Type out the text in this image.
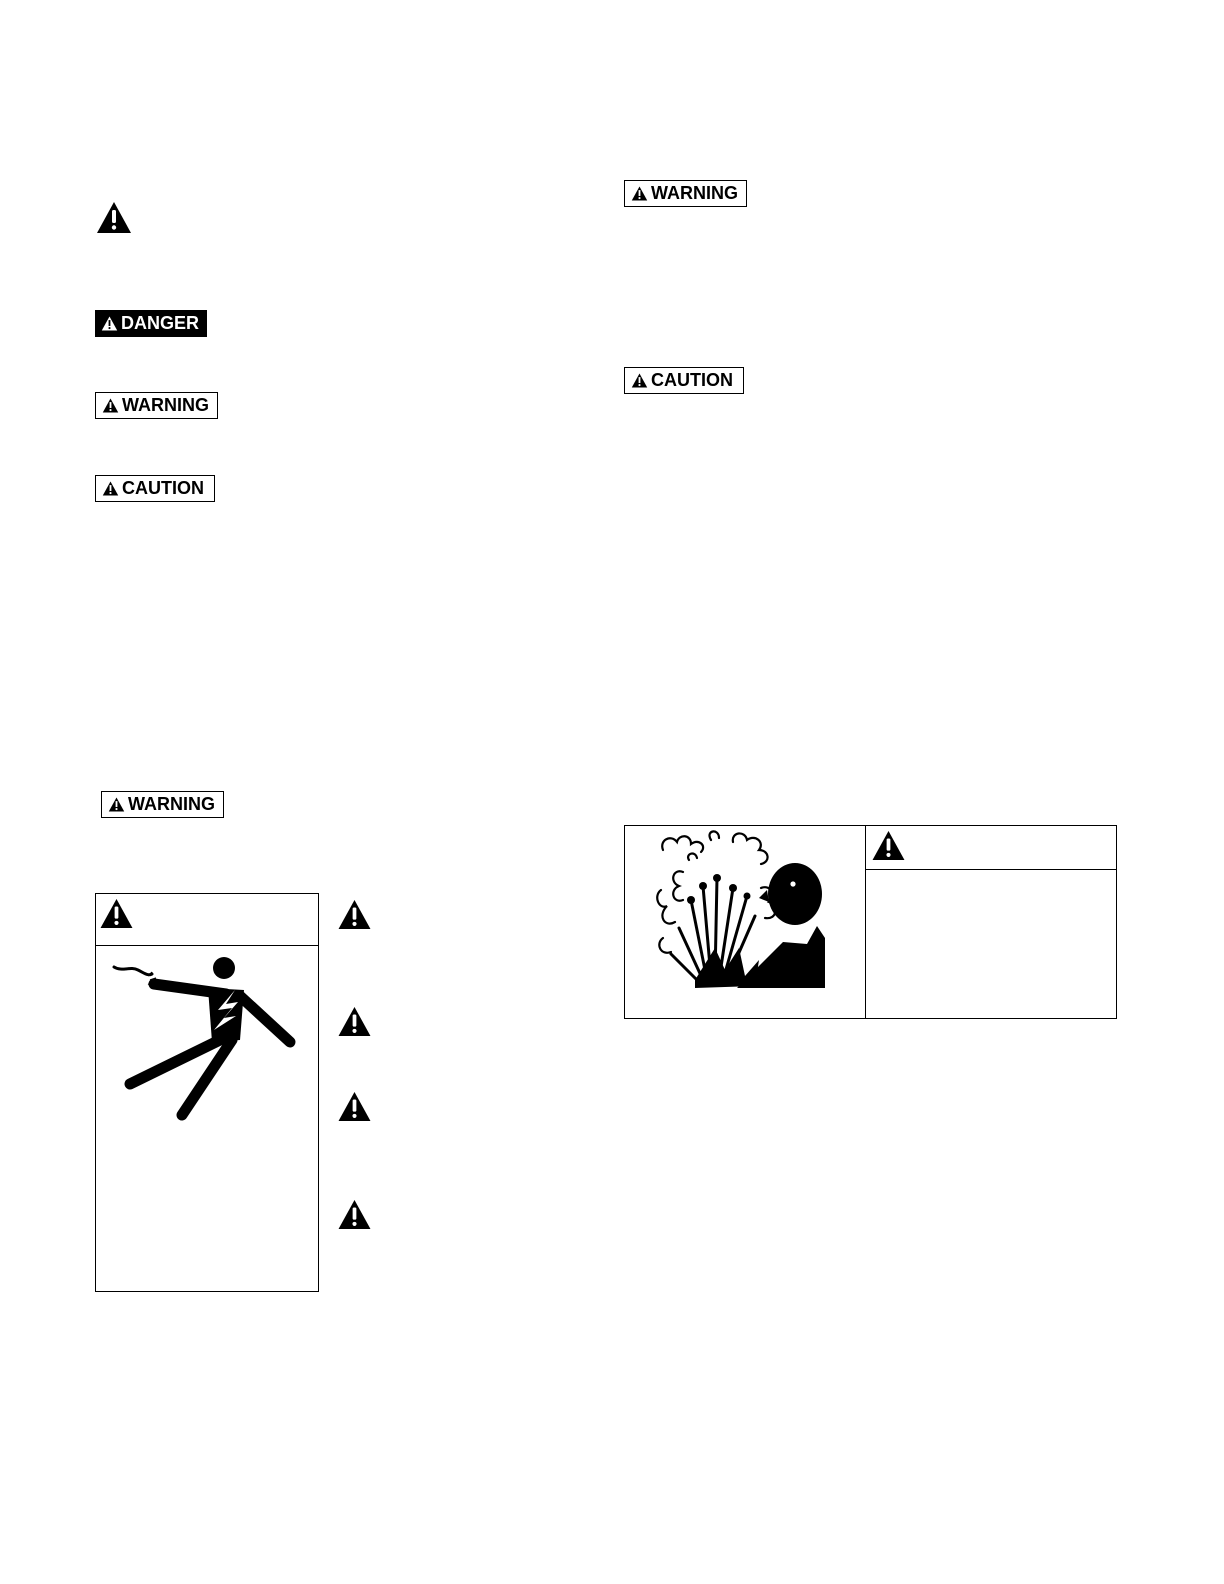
DANGER
WARNING
CAUTION
WARNING
WARNING
CAUTION
